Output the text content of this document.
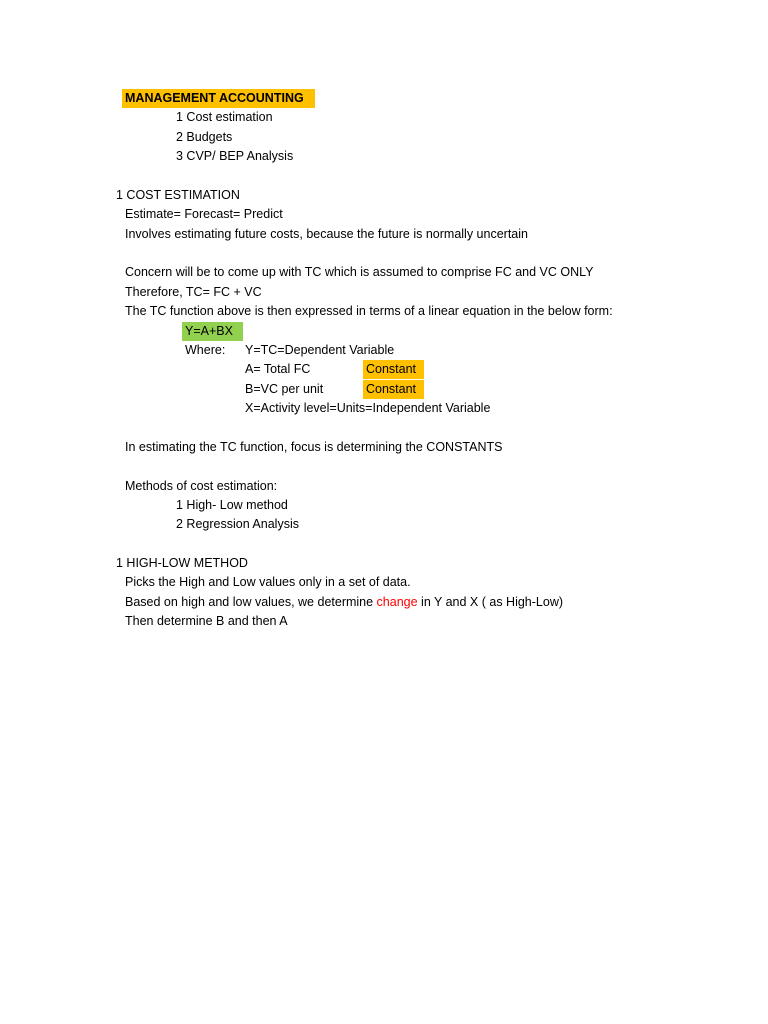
MANAGEMENT ACCOUNTING
1 Cost estimation
2 Budgets
3 CVP/ BEP Analysis
1 COST ESTIMATION
Estimate= Forecast= Predict
Involves estimating future costs, because the future is normally uncertain
Concern will be to come up with TC which is assumed to comprise FC and VC ONLY
Therefore, TC= FC + VC
The TC function above is then expressed in terms of a linear equation in the below form:
Y=A+BX
Where: Y=TC=Dependent Variable
A= Total FC	Constant
B=VC per unit	Constant
X=Activity level=Units=Independent Variable
In estimating the TC function, focus is determining the CONSTANTS
Methods of cost estimation:
1 High- Low method
2 Regression Analysis
1 HIGH-LOW METHOD
Picks the High and Low values only in a set of data.
Based on high and low values, we determine change in Y and X ( as High-Low)
Then determine B and then A
